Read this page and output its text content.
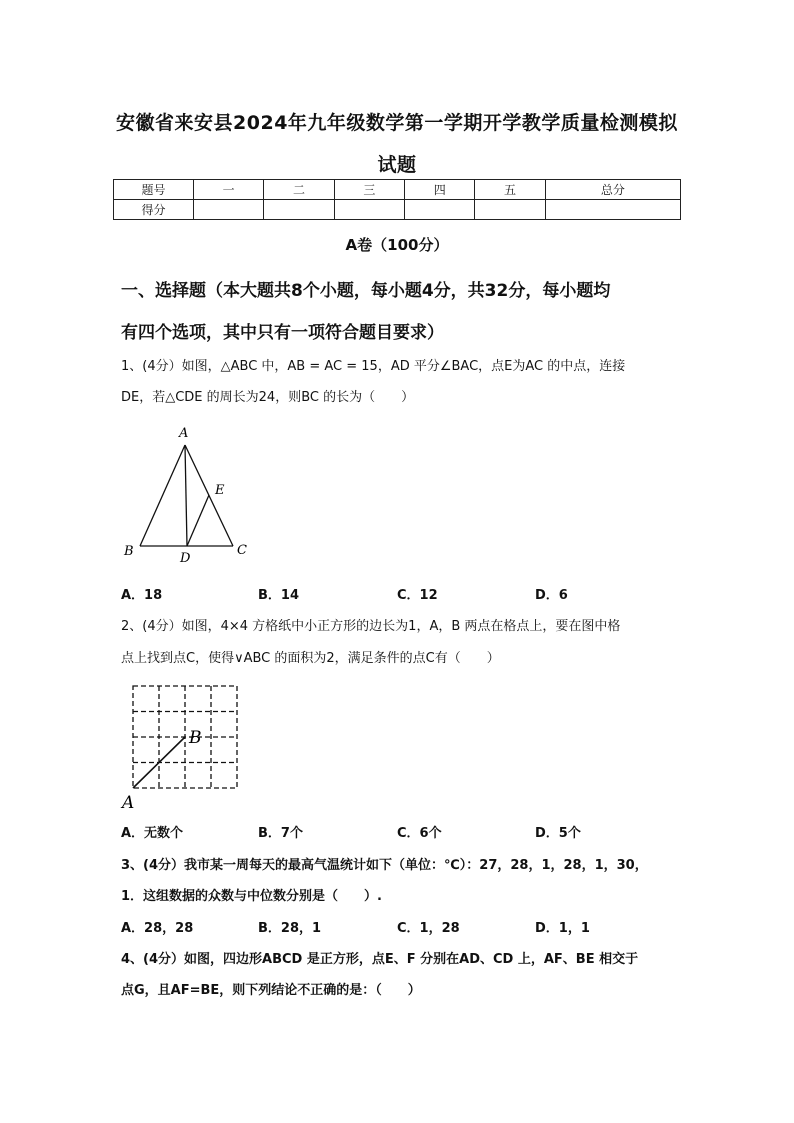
安徽省来安县2024年九年级数学第一学期开学教学质量检测模拟
试题
题号	一	二	三	四	五	总分
得分						
A卷（100分）
一、选择题（本大题共8个小题，每小题4分，共32分，每小题均
有四个选项，其中只有一项符合题目要求）
1、(4分）如图，△ABC 中，AB = AC = 15，AD 平分∠BAC，点E为AC 的中点，连接
DE，若△CDE 的周长为24，则BC 的长为（　　）
A
B	C
D
E
A．18	B．14	C．12	D．6
2、(4分）如图，4×4 方格纸中小正方形的边长为1，A，B 两点在格点上，要在图中格
点上找到点C，使得∨ABC 的面积为2，满足条件的点C有（　　）
A
B
A．无数个	B．7个	C．6个	D．5个
3、(4分）我市某一周每天的最高气温统计如下（单位：℃）：27，28，1，28，1，30，
1．这组数据的众数与中位数分别是（　　）.
A．28，28	B．28，1	C．1，28	D．1，1
4、(4分）如图，四边形ABCD 是正方形，点E、F 分别在AD、CD 上，AF、BE 相交于
点G，且AF=BE，则下列结论不正确的是：（　　）
